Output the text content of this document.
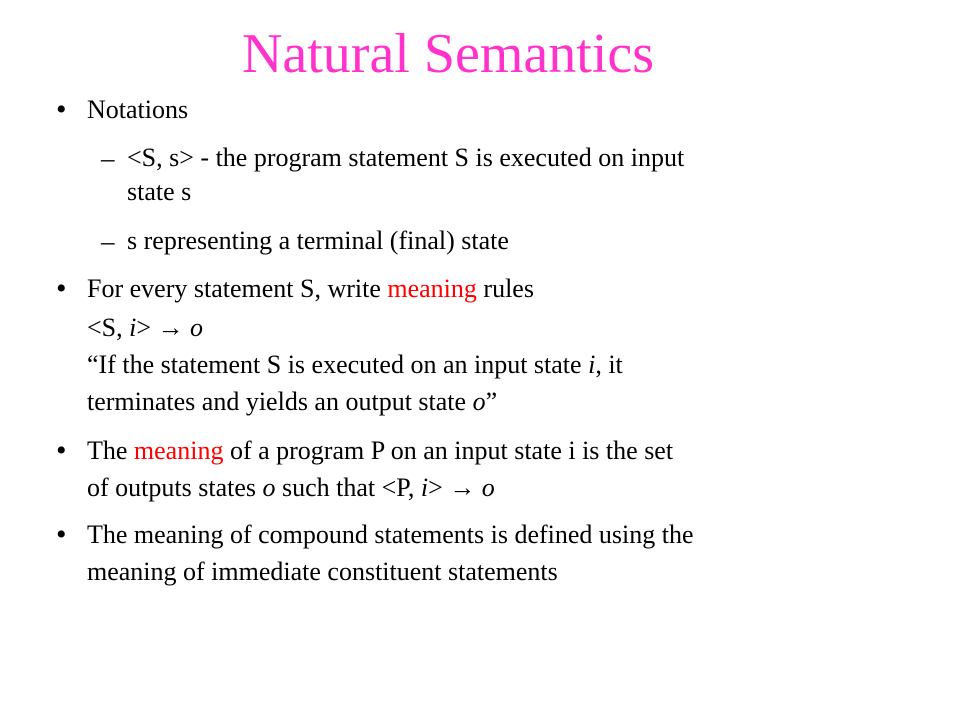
Natural Semantics
• Notations
– <S, s> - the program statement S is executed on input
state s
– s representing a terminal (final) state
• For every statement S, write meaning rules
<S, i> → o
“If the statement S is executed on an input state i, it
terminates and yields an output state o”
• The meaning of a program P on an input state i is the set
of outputs states o such that <P, i> → o
• The meaning of compound statements is defined using the
meaning of immediate constituent statements
